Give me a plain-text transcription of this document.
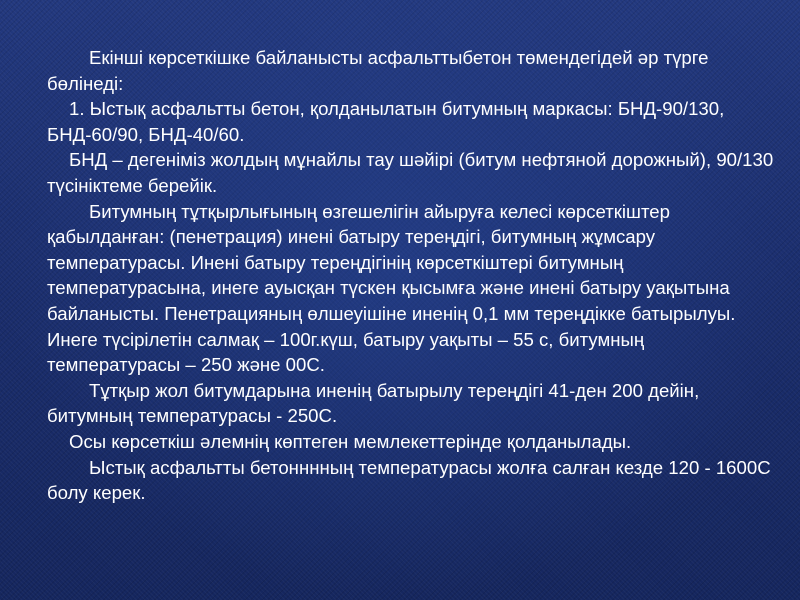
Екінші көрсеткішке байланысты асфальттыбетон төмендегідей әр түрге бөлінеді:

1. Ыстық асфальтты бетон, қолданылатын битумның маркасы: БНД-90/130, БНД-60/90, БНД-40/60.

БНД – дегеніміз жолдың мұнайлы тау шәйірі (битум нефтяной дорожный), 90/130 түсініктеме берейік.

Битумның тұтқырлығының өзгешелігін айыруға келесі көрсеткіштер қабылданған: (пенетрация) инені батыру тереңдігі, битумның жұмсару температурасы. Инені батыру тереңдігінің көрсеткіштері битумның температурасына, инеге ауысқан түскен қысымға және инені батыру уақытына байланысты. Пенетрацияның өлшеуішіне иненің 0,1 мм тереңдікке батырылуы. Инеге түсірілетін салмақ – 100г.күш, батыру уақыты – 55 с, битумның температурасы – 250 және 00С.

Тұтқыр жол битумдарына иненің батырылу тереңдігі 41-ден 200 дейін, битумның температурасы - 250С.

Осы көрсеткіш әлемнің көптеген мемлекеттерінде қолданылады.

Ыстық асфальтты бетонннның температурасы жолға салған кезде 120 - 1600С болу керек.
